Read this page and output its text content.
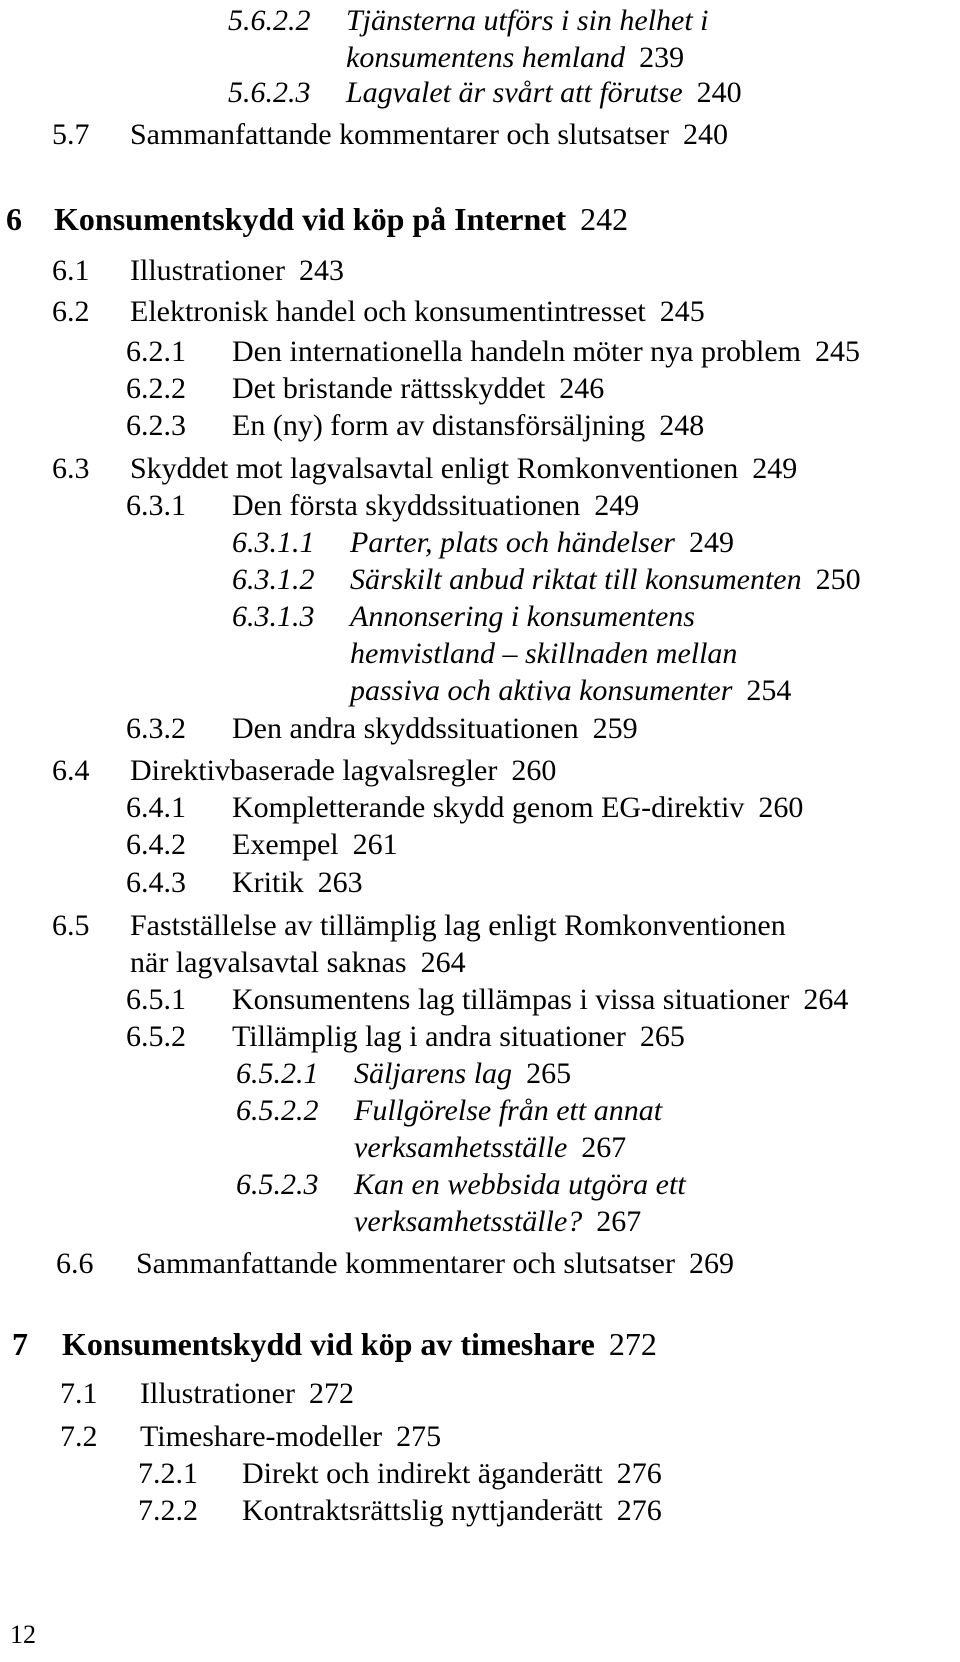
5.6.2.2 Tjänsterna utförs i sin helhet i
konsumentens hemland 239
5.6.2.3 Lagvalet är svårt att förutse 240
5.7 Sammanfattande kommentarer och slutsatser 240
6 Konsumentskydd vid köp på Internet 242
6.1 Illustrationer 243
6.2 Elektronisk handel och konsumentintresset 245
6.2.1 Den internationella handeln möter nya problem 245
6.2.2 Det bristande rättsskyddet 246
6.2.3 En (ny) form av distansförsäljning 248
6.3 Skyddet mot lagvalsavtal enligt Romkonventionen 249
6.3.1 Den första skyddssituationen 249
6.3.1.1 Parter, plats och händelser 249
6.3.1.2 Särskilt anbud riktat till konsumenten 250
6.3.1.3 Annonsering i konsumentens
hemvistland – skillnaden mellan
passiva och aktiva konsumenter 254
6.3.2 Den andra skyddssituationen 259
6.4 Direktivbaserade lagvalsregler 260
6.4.1 Kompletterande skydd genom EG-direktiv 260
6.4.2 Exempel 261
6.4.3 Kritik 263
6.5 Fastställelse av tillämplig lag enligt Romkonventionen
när lagvalsavtal saknas 264
6.5.1 Konsumentens lag tillämpas i vissa situationer 264
6.5.2 Tillämplig lag i andra situationer 265
6.5.2.1 Säljarens lag 265
6.5.2.2 Fullgörelse från ett annat
verksamhetsställe 267
6.5.2.3 Kan en webbsida utgöra ett
verksamhetsställe? 267
6.6 Sammanfattande kommentarer och slutsatser 269
7 Konsumentskydd vid köp av timeshare 272
7.1 Illustrationer 272
7.2 Timeshare-modeller 275
7.2.1 Direkt och indirekt äganderätt 276
7.2.2 Kontraktsrättslig nyttjanderätt 276
12
